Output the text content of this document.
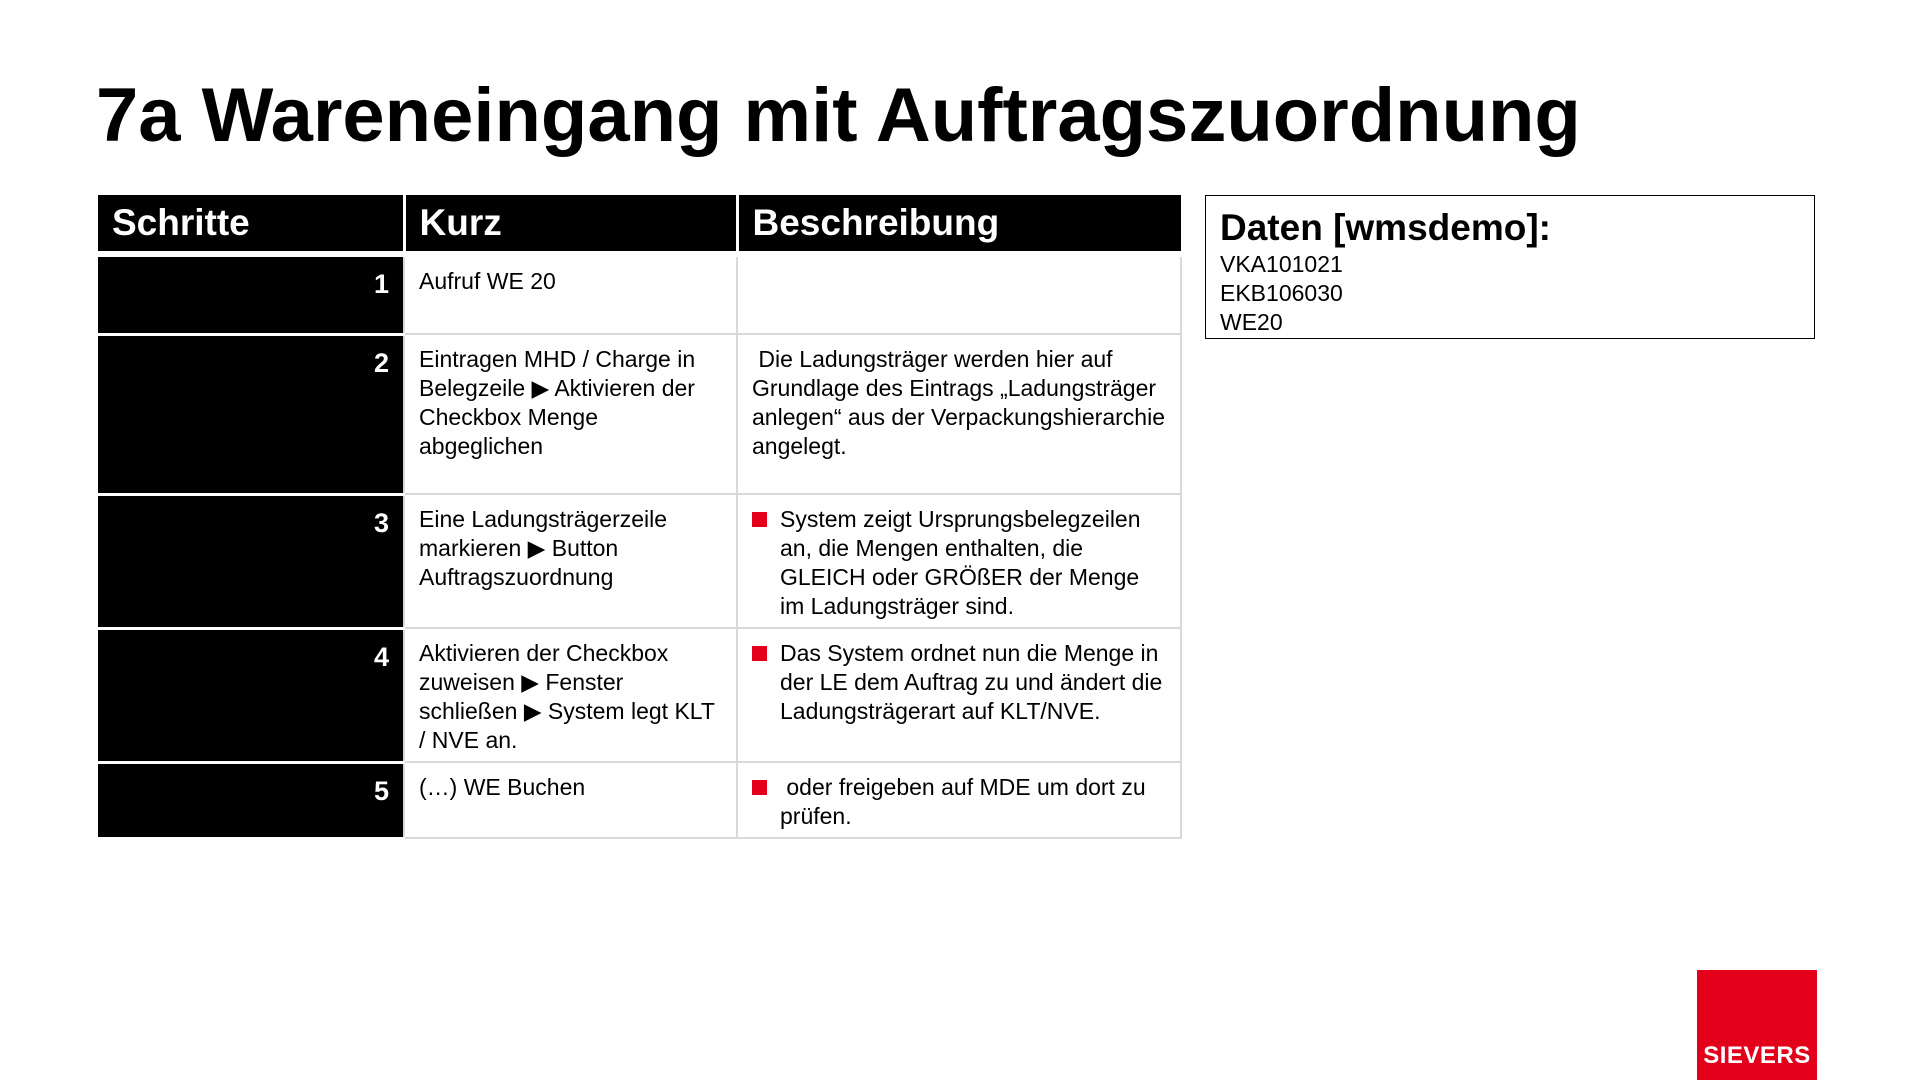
7a Wareneingang mit Auftragszuordnung
Schritte	Kurz	Beschreibung
1	Aufruf WE 20	
2	Eintragen MHD / Charge in Belegzeile ▶ Aktivieren der Checkbox Menge abgeglichen	Die Ladungsträger werden hier auf Grundlage des Eintrags „Ladungsträger anlegen“ aus der Verpackungshierarchie angelegt.
3	Eine Ladungsträgerzeile markieren ▶ Button Auftragszuordnung	System zeigt Ursprungsbelegzeilen an, die Mengen enthalten, die GLEICH oder GRÖßER der Menge im Ladungsträger sind.

4	Aktivieren der Checkbox zuweisen ▶ Fenster schließen ▶ System legt KLT / NVE an.	Das System ordnet nun die Menge in der LE dem Auftrag zu und ändert die Ladungsträgerart auf KLT/NVE.

5	(…) WE Buchen	oder freigeben auf MDE um dort zu prüfen.
Daten [wmsdemo]:
VKA101021
EKB106030
WE20
SIEVERS
